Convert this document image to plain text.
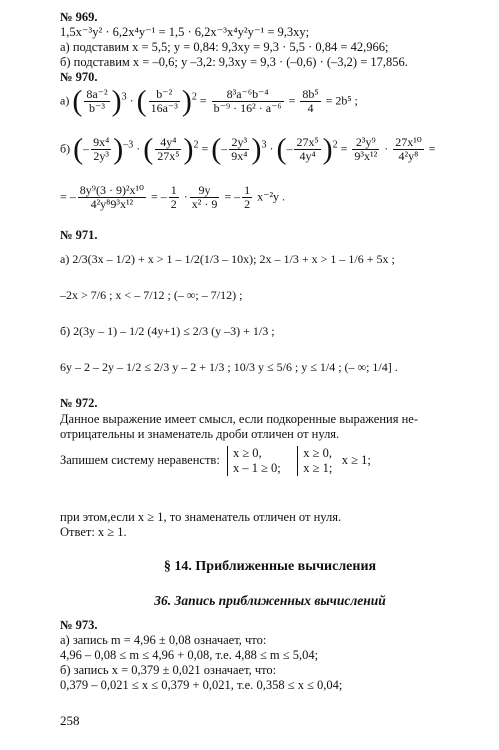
№ 969.
1,5x⁻³y² · 6,2x⁴y⁻¹ = 1,5 · 6,2x⁻³x⁴y²y⁻¹ = 9,3xy;
а) подставим x = 5,5; y = 0,84: 9,3xy = 9,3 · 5,5 · 0,84 = 42,966;
б) подставим x = –0,6; y –3,2: 9,3xy = 9,3 · (–0,6) · (–3,2) = 17,856.
№ 970.
а) ( $\frac{\text{8a⁻²}}{\text{b⁻³}} )^3$ · ( $\frac{\text{b⁻²}}{\text{16a⁻³}} )^2 = \frac{\text{8³a⁻⁶b⁻⁴}}{\text{b⁻⁹ · 16² · a⁻⁶}} = \frac{\text{8b⁵}}{4} = 2b^5$ ;
б) (– $\frac{\text{9x⁴}}{\text{2y³}} )^{-3}$ · ( $\frac{\text{4y⁴}}{\text{27x⁵}} )^2$ = (– $\frac{\text{2y³}}{\text{9x⁴}} )^3$ · (– $\frac{\text{27x⁵}}{\text{4y⁴}} )^2 = \frac{\text{2³y⁹}}{\text{9³x¹²}} \cdot \frac{\text{27x¹⁰}}{\text{4²y⁸}}$ =
= – $\frac{\text{8y⁹(3 · 9)²x¹⁰}}{\text{4²y⁸9³x¹²}}$ = – $\frac{1}{2} \cdot \frac{9y}{\text{x² · 9}}$ = – $\frac{1}{2} x^{-2}y$ .
№ 971.
а) 2/3(3x – 1/2) + x > 1 – 1/2(1/3 – 10x); 2x – 1/3 + x > 1 – 1/6 + 5x ;
–2x > 7/6 ; x < – 7/12 ; (– ∞; – 7/12) ;
б) 2(3y – 1) – 1/2 (4y+1) ≤ 2/3 (y –3) + 1/3 ;
6y – 2 – 2y – 1/2 ≤ 2/3 y – 2 + 1/3 ; 10/3 y ≤ 5/6 ; y ≤ 1/4 ; (– ∞; 1/4] .
№ 972.
Данное выражение имеет смысл, если подкоренные выражения не-
отрицательны и знаменатель дроби отличен от нуля.
Запишем систему неравенств: x ≥ 0,
x – 1 ≥ 0;    x ≥ 0,
x ≥ 1;   x ≥ 1;
при этом,если x ≥ 1, то знаменатель отличен от нуля.
Ответ: x ≥ 1.
§ 14. Приближенные вычисления
36. Запись приближенных вычислений
№ 973.
а) запись m = 4,96 ± 0,08 означает, что:
4,96 – 0,08 ≤ m ≤ 4,96 + 0,08, т.е. 4,88 ≤ m ≤ 5,04;
б) запись x = 0,379 ± 0,021 означает, что:
0,379 – 0,021 ≤ x ≤ 0,379 + 0,021, т.е. 0,358 ≤ x ≤ 0,04;
258
